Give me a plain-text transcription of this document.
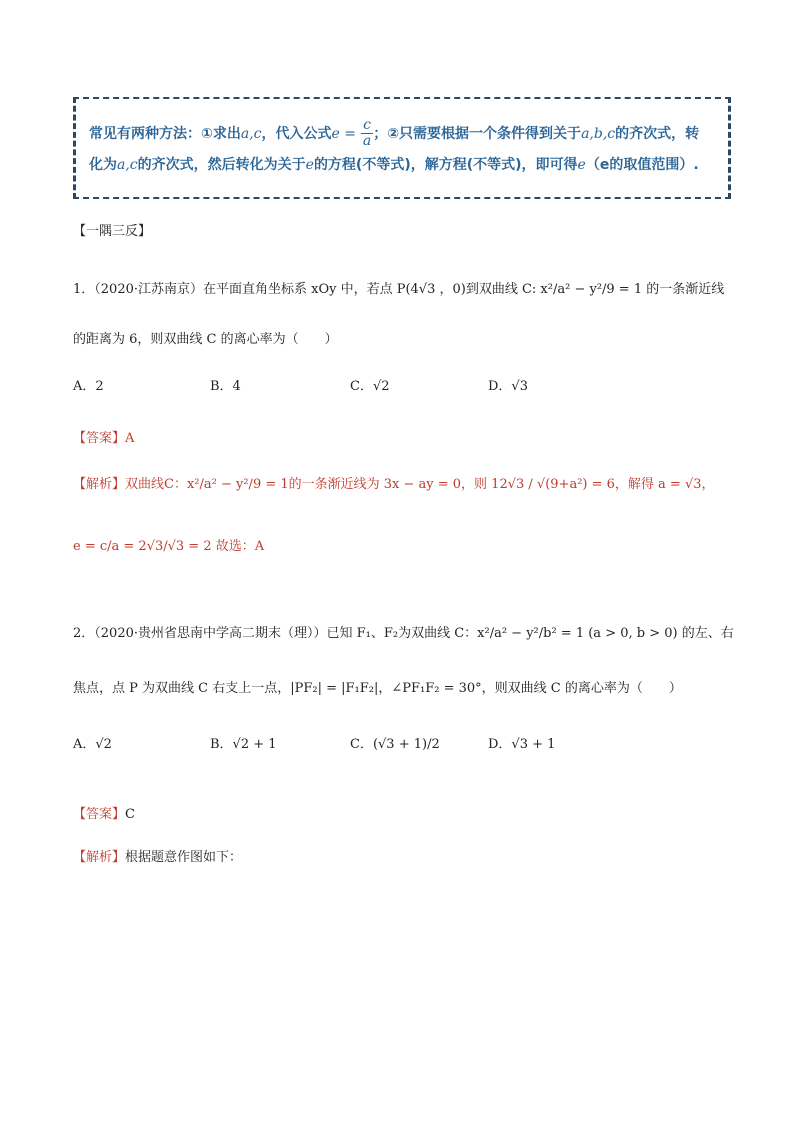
常见有两种方法：①求出a,c，代入公式$e = \frac{c}{a}$ ；②只需要根据一个条件得到关于a,b,c的齐次式，转
化为a,c的齐次式，然后转化为关于e的方程(不等式)，解方程(不等式)，即可得e（e的取值范围）.
【一隅三反】
1．（2020·江苏南京）在平面直角坐标系 xOy 中，若点 P(4√3 ，0)到双曲线 C: x²/a² − y²/9 = 1 的一条渐近线
的距离为 6，则双曲线 C 的离心率为（　　）
A．2	B．4	C．√2	D．√3
【答案】A
【解析】双曲线C：x²/a² − y²/9 = 1的一条渐近线为 3x − ay = 0，则 12√3 / √(9+a²) = 6，解得 a = √3，
e = c/a = 2√3/√3 = 2 故选：A
2．（2020·贵州省思南中学高二期末（理））已知 F₁、F₂为双曲线 C：x²/a² − y²/b² = 1 (a > 0, b > 0) 的左、右
焦点，点 P 为双曲线 C 右支上一点，|PF₂| = |F₁F₂|，∠PF₁F₂ = 30°，则双曲线 C 的离心率为（　　）
A．√2	B．√2 + 1	C．(√3 + 1)/2	D．√3 + 1
【答案】C
【解析】根据题意作图如下：
